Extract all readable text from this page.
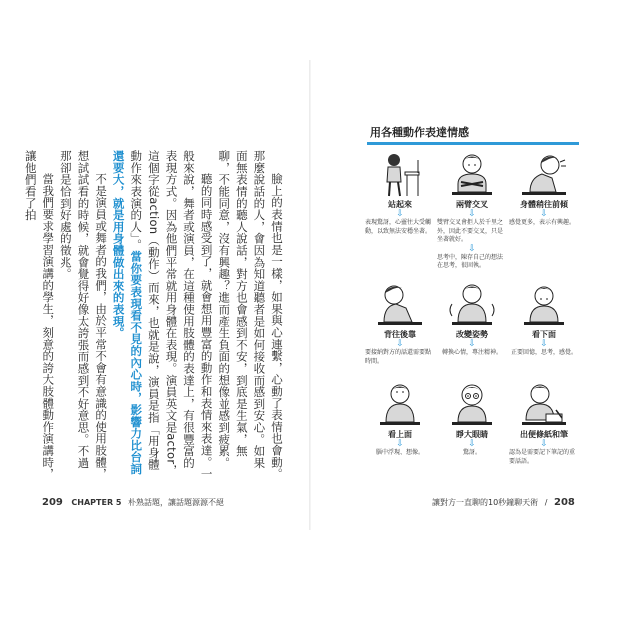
臉上的表情也是一樣，如果與心連繫，心動了表情也會動。那麼說話的人，會因為知道聽者是如何接收而感到安心。如果面無表情的聽人說話，對方也會感到不安，到底是生氣，無聊，不能同意，沒有興趣？進而產生負面的想像並感到疲累。

聽的同時感受到了，就會想用豐富的動作和表情來表達。一般來說，舞者或演員，在這種使用肢體的表達上，有很豐富的表現方式。因為他們平常就用身體在表現。演員英文是actor，這個字從action（動作）而來，也就是說，演員是指「用身體動作來表演的人」。當你要表現看不見的內心時，影響力比台詞還要大，就是用身體做出來的表現。

不是演員或舞者的我們，由於平常不會有意識的使用肢體，想試試看的時候，就會覺得好像太誇張而感到不好意思。不過那卻是恰到好處的徵兆。

當我們要求學習演講的學生，刻意的誇大肢體動作演講時，讓他們看了拍

209 CHAPTER 5 朴熟話題，讓話題源源不絕
用各種動作表達情感
站起來
⇩
表現驚訝，心靈往大受觸動，以致無法安穩坐著。
兩臂交叉
⇩
雙臂交叉會拒人於千里之外，因此不要交叉，只是坐著就好。
⇩
思考中，陳存自己的想法在思考，很固執。
身體稍往前傾
⇩
感覺更多，表示有興趣。
背往後靠
⇩
要接納對方的話還需要點時間。
改變姿勢
⇩
轉換心情，專注精神。
看下面
⇩
正要回憶，思考，感覺。
看上面
⇩
腦中浮現、想像。
睜大眼睛
⇩
驚訝。
出便條紙和筆
⇩
認為是需要記下筆記的重要話語。
讓對方一直聊的10秒鐘聊天術 / 208
